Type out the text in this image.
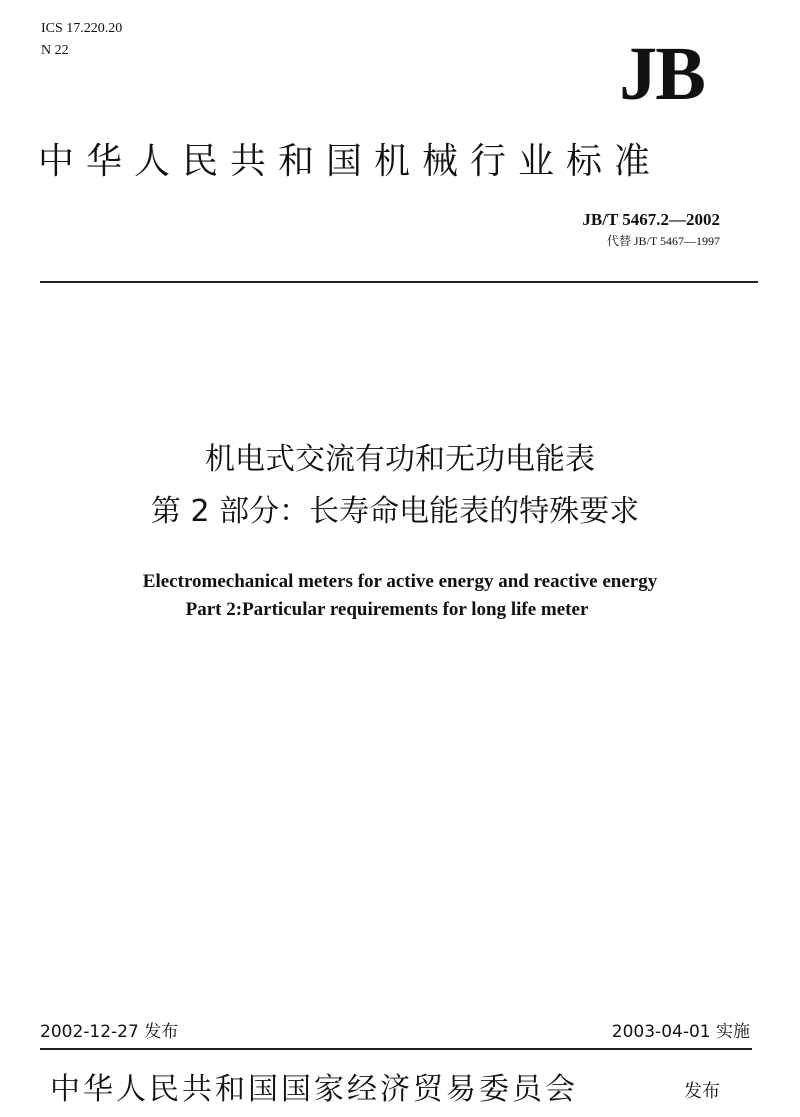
ICS 17.220.20
N 22	JB
中华人民共和国机械行业标准
JB/T 5467.2—2002
代替 JB/T 5467—1997
机电式交流有功和无功电能表
第 2 部分：长寿命电能表的特殊要求
Electromechanical meters for active energy and reactive energy
Part 2:Particular requirements for long life meter
2002-12-27 发布	2003-04-01 实施
中华人民共和国国家经济贸易委员会	发布
